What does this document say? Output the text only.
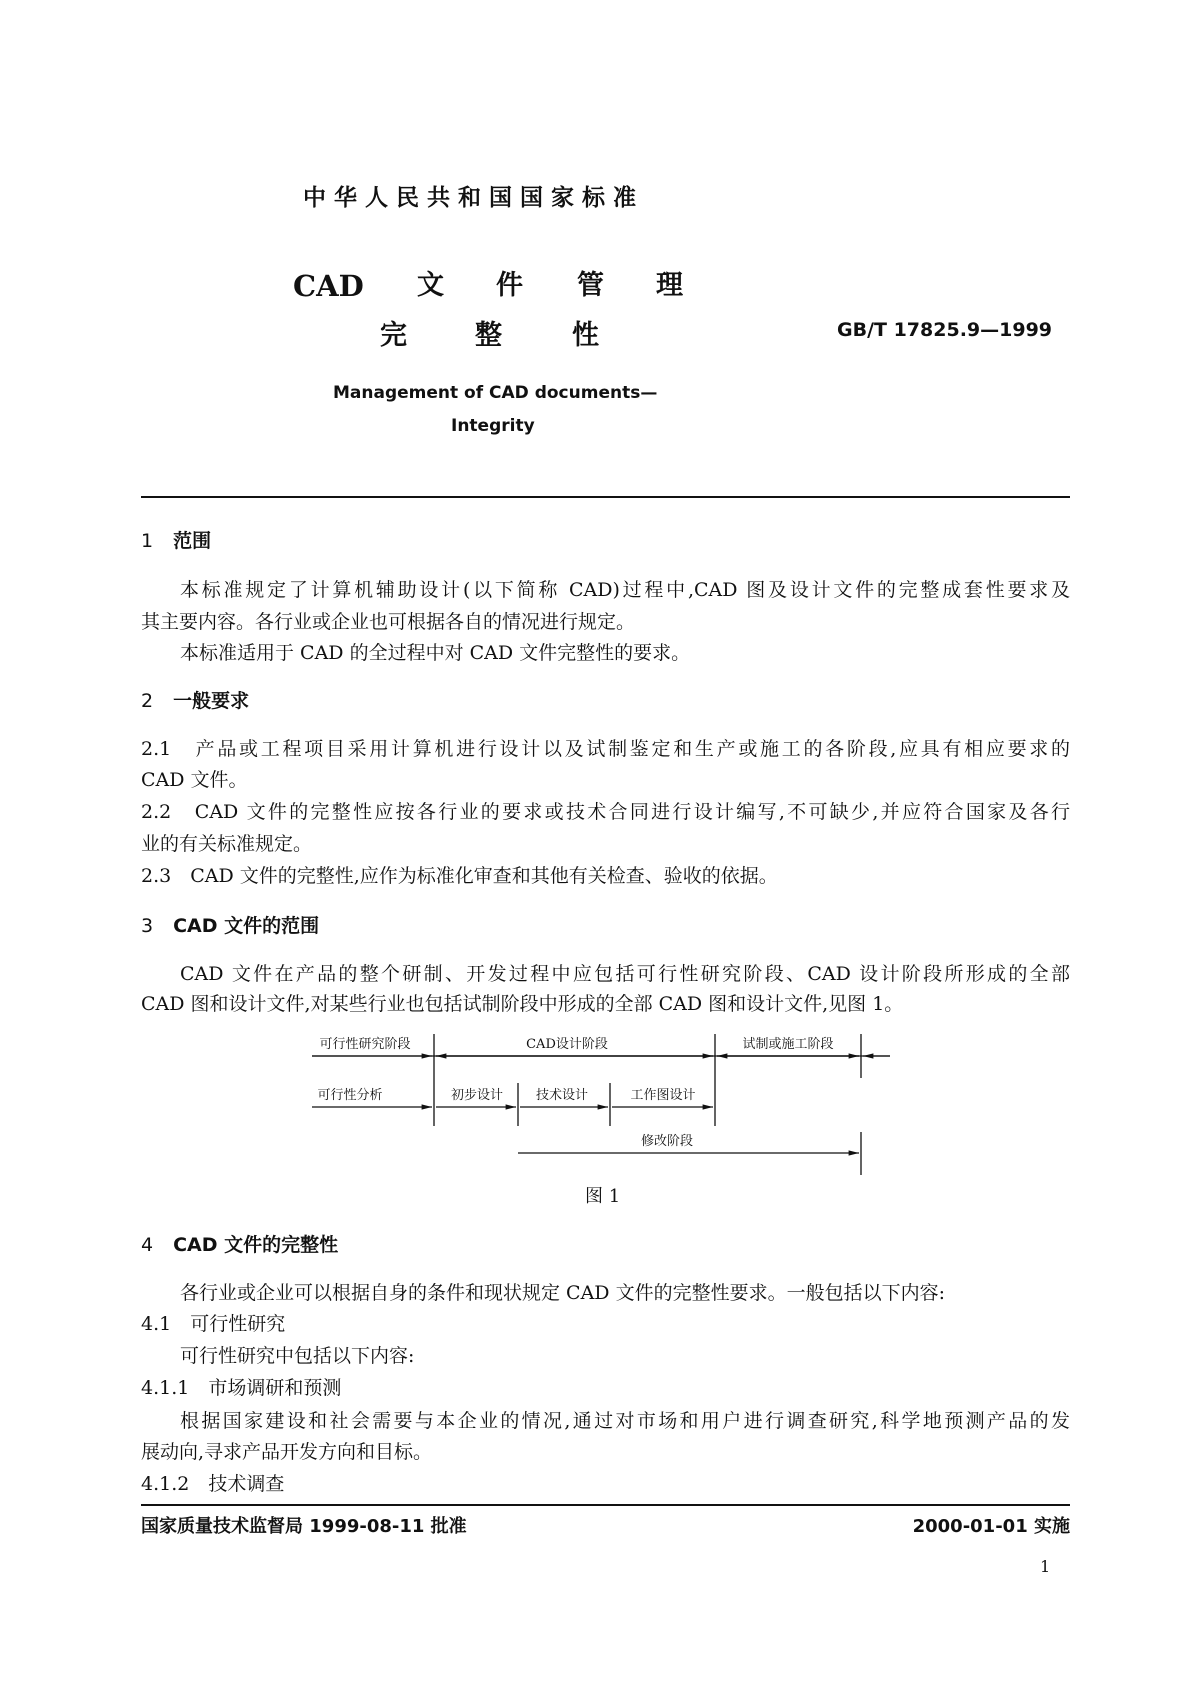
中华人民共和国国家标准
CAD 文 件 管 理
完	整	性	GB/T 17825.9—1999
Management of CAD documents—
Integrity
1 范围
本标准规定了计算机辅助设计(以下简称 CAD)过程中,CAD 图及设计文件的完整成套性要求及
其主要内容。各行业或企业也可根据各自的情况进行规定。
本标准适用于 CAD 的全过程中对 CAD 文件完整性的要求。
2 一般要求
2.1　产品或工程项目采用计算机进行设计以及试制鉴定和生产或施工的各阶段,应具有相应要求的
CAD 文件。
2.2　CAD 文件的完整性应按各行业的要求或技术合同进行设计编写,不可缺少,并应符合国家及各行
业的有关标准规定。
2.3　CAD 文件的完整性,应作为标准化审查和其他有关检查、验收的依据。
3 CAD 文件的范围
CAD 文件在产品的整个研制、开发过程中应包括可行性研究阶段、CAD 设计阶段所形成的全部
CAD 图和设计文件,对某些行业也包括试制阶段中形成的全部 CAD 图和设计文件,见图 1。
可行性研究阶段	CAD设计阶段	试制或施工阶段
可行性分析	初步设计	技术设计	工作图设计
修改阶段
图 1
4 CAD 文件的完整性
各行业或企业可以根据自身的条件和现状规定 CAD 文件的完整性要求。一般包括以下内容:
4.1　可行性研究
可行性研究中包括以下内容:
4.1.1　市场调研和预测
根据国家建设和社会需要与本企业的情况,通过对市场和用户进行调查研究,科学地预测产品的发
展动向,寻求产品开发方向和目标。
4.1.2　技术调查
国家质量技术监督局 1999-08-11 批准	2000-01-01 实施
1
